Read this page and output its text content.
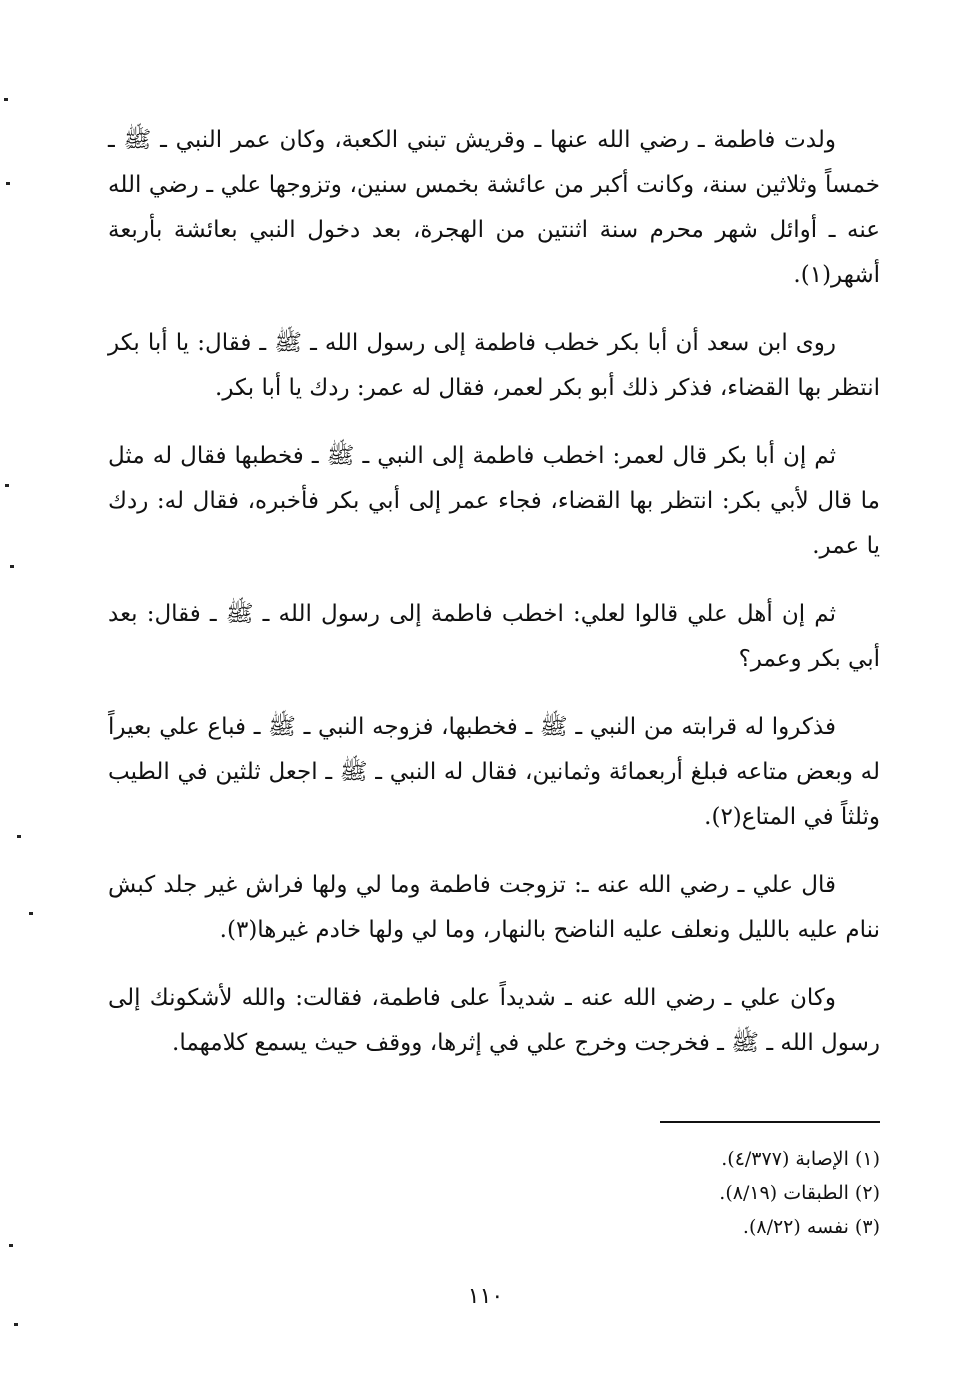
ولدت فاطمة ـ رضي الله عنها ـ وقريش تبني الكعبة، وكان عمر النبي ـ ﷺ ـ خمساً وثلاثين سنة، وكانت أكبر من عائشة بخمس سنين، وتزوجها علي ـ رضي الله عنه ـ أوائل شهر محرم سنة اثنتين من الهجرة، بعد دخول النبي بعائشة بأربعة أشهر(١).

روى ابن سعد أن أبا بكر خطب فاطمة إلى رسول الله ـ ﷺ ـ فقال: يا أبا بكر انتظر بها القضاء، فذكر ذلك أبو بكر لعمر، فقال له عمر: ردك يا أبا بكر.

ثم إن أبا بكر قال لعمر: اخطب فاطمة إلى النبي ـ ﷺ ـ فخطبها فقال له مثل ما قال لأبي بكر: انتظر بها القضاء، فجاء عمر إلى أبي بكر فأخبره، فقال له: ردك يا عمر.

ثم إن أهل علي قالوا لعلي: اخطب فاطمة إلى رسول الله ـ ﷺ ـ فقال: بعد أبي بكر وعمر؟

فذكروا له قرابته من النبي ـ ﷺ ـ فخطبها، فزوجه النبي ـ ﷺ ـ فباع علي بعيراً له وبعض متاعه فبلغ أربعمائة وثمانين، فقال له النبي ـ ﷺ ـ اجعل ثلثين في الطيب وثلثاً في المتاع(٢).

قال علي ـ رضي الله عنه ـ: تزوجت فاطمة وما لي ولها فراش غير جلد كبش ننام عليه بالليل ونعلف عليه الناضح بالنهار، وما لي ولها خادم غيرها(٣).

وكان علي ـ رضي الله عنه ـ شديداً على فاطمة، فقالت: والله لأشكونك إلى رسول الله ـ ﷺ ـ فخرجت وخرج علي في إثرها، ووقف حيث يسمع كلامهما.

(١) الإصابة (٤/٣٧٧).
(٢) الطبقات (٨/١٩).
(٣) نفسه (٨/٢٢).
١١٠
